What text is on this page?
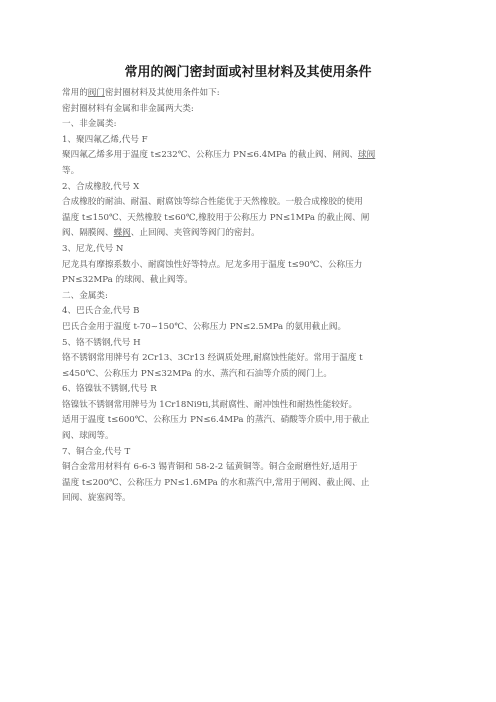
常用的阀门密封面或衬里材料及其使用条件

常用的阀门密封圈材料及其使用条件如下:

密封圈材料有金属和非金属两大类:

一、非金属类:

1、聚四氟乙烯,代号 F

聚四氟乙烯多用于温度 t≤232℃、公称压力 PN≤6.4MPa 的截止阀、闸阀、球阀
等。

2、合成橡胶,代号 X

合成橡胶的耐油、耐温、耐腐蚀等综合性能优于天然橡胶。一般合成橡胶的使用
温度 t≤150℃、天然橡胶 t≤60℃,橡胶用于公称压力 PN≤1MPa 的截止阀、闸
阀、隔膜阀、蝶阀、止回阀、夹管阀等阀门的密封。

3、尼龙,代号 N

尼龙具有摩擦系数小、耐腐蚀性好等特点。尼龙多用于温度 t≤90℃、公称压力
PN≤32MPa 的球阀、截止阀等。

二、金属类:

4、巴氏合金,代号 B

巴氏合金用于温度 t-70~150℃、公称压力 PN≤2.5MPa 的氨用截止阀。

5、铬不锈钢,代号 H

铬不锈钢常用牌号有 2Cr13、3Cr13 经调质处理,耐腐蚀性能好。常用于温度 t
≤450℃、公称压力 PN≤32MPa 的水、蒸汽和石油等介质的阀门上。

6、铬镍钛不锈钢,代号 R

铬镍钛不锈钢常用牌号为 1Cr18Ni9ti,其耐腐性、耐冲蚀性和耐热性能较好。
适用于温度 t≤600℃、公称压力 PN≤6.4MPa 的蒸汽、硝酸等介质中,用于截止
阀、球阀等。

7、铜合金,代号 T

铜合金常用材料有 6-6-3 锡青铜和 58-2-2 锰黄铜等。铜合金耐磨性好,适用于
温度 t≤200℃、公称压力 PN≤1.6MPa 的水和蒸汽中,常用于闸阀、截止阀、止
回阀、旋塞阀等。
